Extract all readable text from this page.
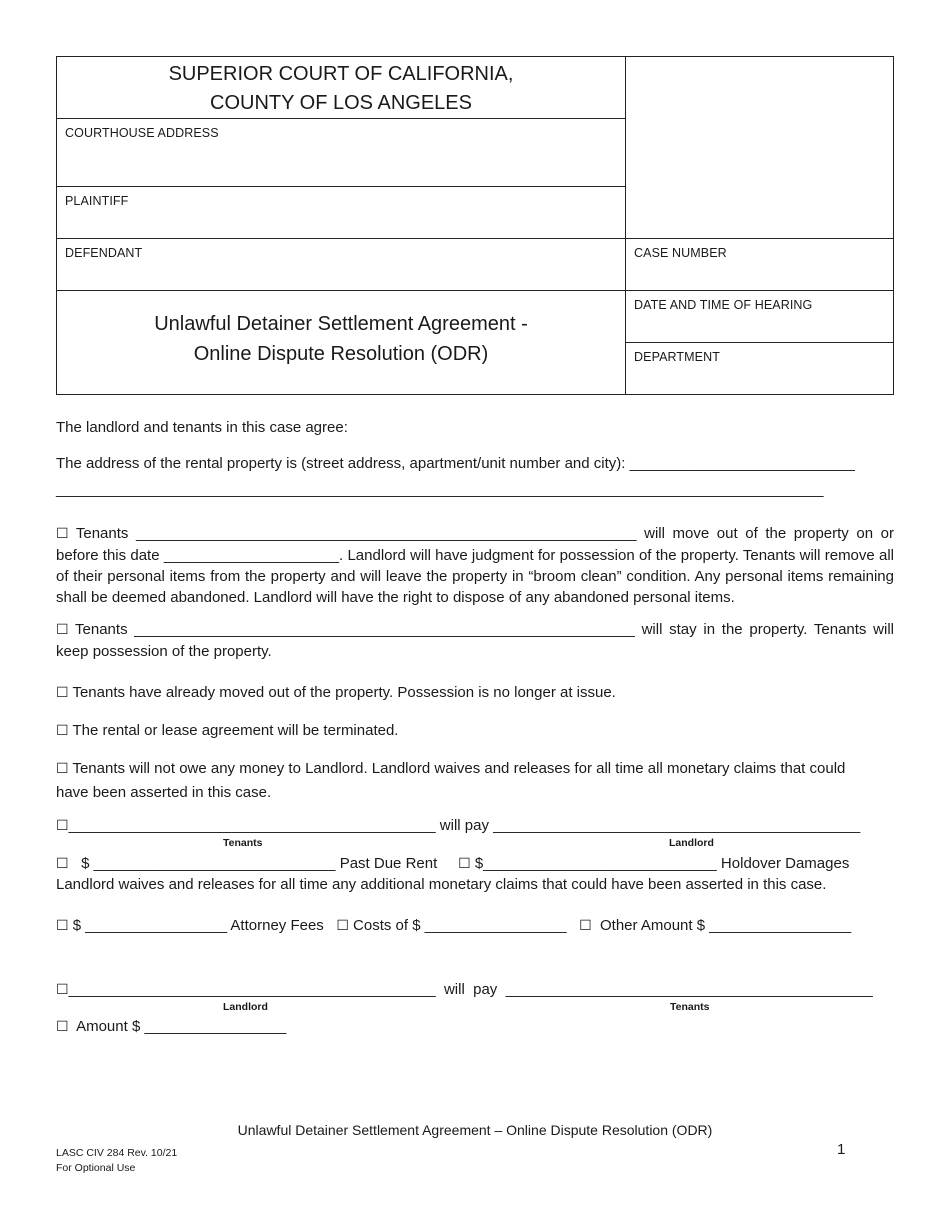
SUPERIOR COURT OF CALIFORNIA,
COUNTY OF LOS ANGELES
COURTHOUSE ADDRESS
PLAINTIFF
DEFENDANT
Unlawful Detainer Settlement Agreement -
Online Dispute Resolution (ODR)
CASE NUMBER
DATE AND TIME OF HEARING
DEPARTMENT
The landlord and tenants in this case agree:
The address of the rental property is (street address, apartment/unit number and city): ___________________________
____________________________________________________________________________________________
☐ Tenants ____________________________________________________________ will move out of the property on or before this date _____________________. Landlord will have judgment for possession of the property. Tenants will remove all of their personal items from the property and will leave the property in “broom clean” condition. Any personal items remaining shall be deemed abandoned. Landlord will have the right to dispose of any abandoned personal items.
☐ Tenants ____________________________________________________________ will stay in the property. Tenants will keep possession of the property.
☐ Tenants have already moved out of the property. Possession is no longer at issue.
☐ The rental or lease agreement will be terminated.
☐ Tenants will not owe any money to Landlord. Landlord waives and releases for all time all monetary claims that could have been asserted in this case.
☐____________________________________________ will pay ____________________________________________
Tenants	Landlord
☐ $ _____________________________ Past Due Rent ☐ $____________________________ Holdover Damages
Landlord waives and releases for all time any additional monetary claims that could have been asserted in this case.
☐ $ _________________ Attorney Fees ☐ Costs of $ _________________ ☐ Other Amount $ _________________
☐____________________________________________  will  pay  ____________________________________________
Landlord	Tenants
☐ Amount $ _________________
Unlawful Detainer Settlement Agreement – Online Dispute Resolution (ODR)
1
LASC CIV 284 Rev. 10/21
For Optional Use
